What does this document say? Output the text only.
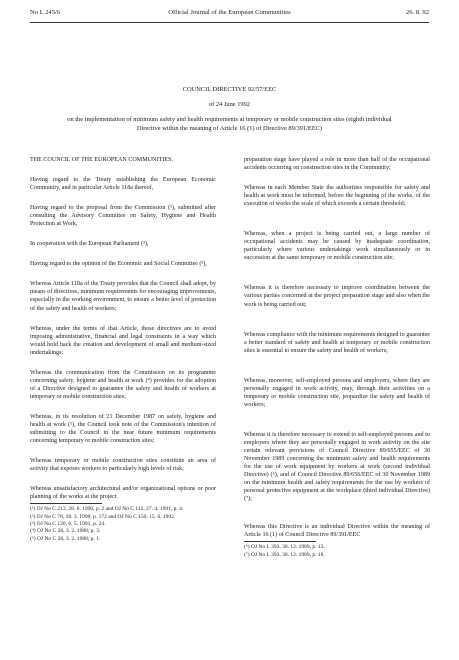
No L 245/6	Official Journal of the European Communities	26. 8. 92

COUNCIL DIRECTIVE 92/57/EEC

of 24 June 1992

on the implementation of minimum safety and health requirements at temporary or mobile construction sites (eighth individual Directive within the meaning of Article 16 (1) of Directive 89/391/EEC)

THE COUNCIL OF THE EUROPEAN COMMUNITIES,

Having regard to the Treaty establishing the European Economic Community, and in particular Article 118a thereof,

Having regard to the proposal from the Commission (¹), submitted after consulting the Advisory Committee on Safety, Hygiene and Health Protection at Work,

In cooperation with the European Parliament (²),

Having regard to the opinion of the Economic and Social Committee (³),

Whereas Article 118a of the Treaty provides that the Council shall adopt, by means of directives, minimum requirements for encouraging improvements, especially in the working environment, to ensure a better level of protection of the safety and health of workers;

Whereas, under the terms of that Article, those directives are to avoid imposing administrative, financial and legal constraints in a way which would hold back the creation and development of small and medium-sized undertakings;

Whereas the communication from the Commission on its programme concerning safety, hygiene and health at work (⁴) provides for the adoption of a Directive designed to guarantee the safety and health of workers at temporary or mobile construction sites;

Whereas, in its resolution of 21 December 1987 on safety, hygiene and health at work (⁵), the Council took note of the Commission's intention of submitting to the Council in the near future minimum requirements concerning temporary or mobile construction sites;

Whereas temporary or mobile construction sites constitute an area of activity that exposes workers to particularly high levels of risk;

Whereas unsatisfactory architectural and/or organizational options or poor planning of the works at the project

(¹) OJ No C 213, 28. 8. 1990, p. 2 and OJ No C 112, 27. 4. 1991, p. 4.

(²) OJ No C 78, 18. 3. 1990, p. 172 and OJ No C 150, 15. 6. 1992.

(³) OJ No C 120, 6. 5. 1991, p. 24.

(⁴) OJ No C 28, 3. 2. 1988, p. 3.

(⁵) OJ No C 28, 3. 2. 1988, p. 1.

preparation stage have played a role in more than half of the occupational accidents occurring on construction sites in the Community;

Whereas in each Member State the authorities responsible for safety and health at work must be informed, before the beginning of the works, of the execution of works the scale of which exceeds a certain threshold;

Whereas, when a project is being carried out, a large number of occupational accidents may be caused by inadequate coordination, particularly where various undertakings work simultaneously or in succession at the same temporary or mobile construction site;

Whereas it is therefore necessary to improve coordination between the various parties concerned at the project preparation stage and also when the work is being carried out;

Whereas compliance with the minimum requirements designed to guarantee a better standard of safety and health at temporary or mobile construction sites is essential to ensure the safety and health of workers;

Whereas, moreover, self-employed persons and employers, where they are personally engaged in work activity, may, through their activities on a temporary or mobile construction site, jeopardize the safety and health of workers;

Whereas it is therefore necessary to extend to self-employed persons and to employers where they are personally engaged in work activity on the site certain relevant provisions of Council Directive 89/655/EEC of 30 November 1989 concerning the minimum safety and health requirements for the use of work equipment by workers at work (second individual Directive) (⁶), and of Council Directive 89/656/EEC of 30 November 1989 on the minimum health and safety requirements for the use by workers of personal protective equipment at the workplace (third individual Directive) (⁷);

Whereas this Directive is an individual Directive within the meaning of Article 16 (1) of Council Directive 89/391/EEC

(⁶) OJ No L 393, 30. 12. 1989, p. 13.

(⁷) OJ No L 393, 30. 12. 1989, p. 18.
